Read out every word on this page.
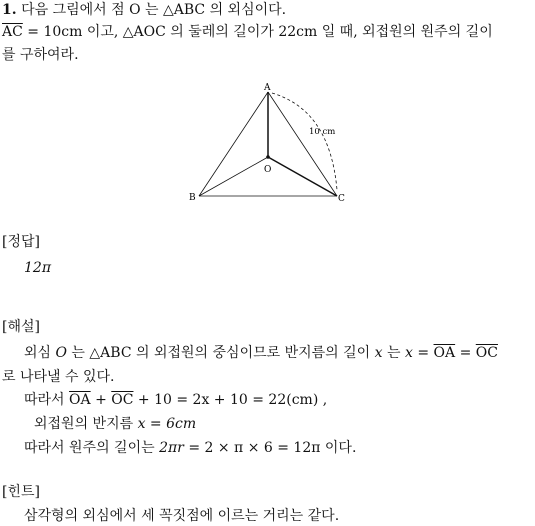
1. 다음 그림에서 점 O 는 △ABC 의 외심이다.
$\overline{AC} = 10cm$ 이고, △AOC 의 둘레의 길이가 22cm 일 때, 외접원의 원주의 길이
를 구하여라.
A
B	C
O
10 cm
[정답]
12π
[해설]
외심 O 는 △ABC 의 외접원의 중심이므로 반지름의 길이 x 는 $x = \overline{OA} = \overline{OC}$
로 나타낼 수 있다.
따라서 $\overline{OA} + \overline{OC} + 10 = 2x + 10 = 22(cm)$ ,
외접원의 반지름 x = 6cm
따라서 원주의 길이는 2πr = 2 × π × 6 = 12π 이다.
[힌트]
삼각형의 외심에서 세 꼭짓점에 이르는 거리는 같다.
